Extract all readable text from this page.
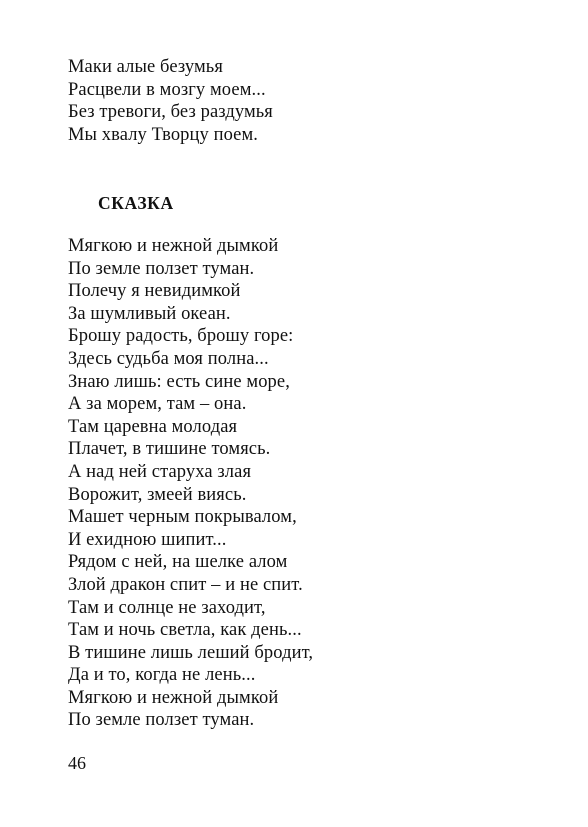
Маки алые безумья
Расцвели в мозгу моем...
Без тревоги, без раздумья
Мы хвалу Творцу поем.
СКАЗКА
Мягкою и нежной дымкой
По земле ползет туман.
Полечу я невидимкой
За шумливый океан.
Брошу радость, брошу горе:
Здесь судьба моя полна...
Знаю лишь: есть сине море,
А за морем, там – она.
Там царевна молодая
Плачет, в тишине томясь.
А над ней старуха злая
Ворожит, змеей виясь.
Машет черным покрывалом,
И ехидною шипит...
Рядом с ней, на шелке алом
Злой дракон спит – и не спит.
Там и солнце не заходит,
Там и ночь светла, как день...
В тишине лишь леший бродит,
Да и то, когда не лень...
Мягкою и нежной дымкой
По земле ползет туман.
46
